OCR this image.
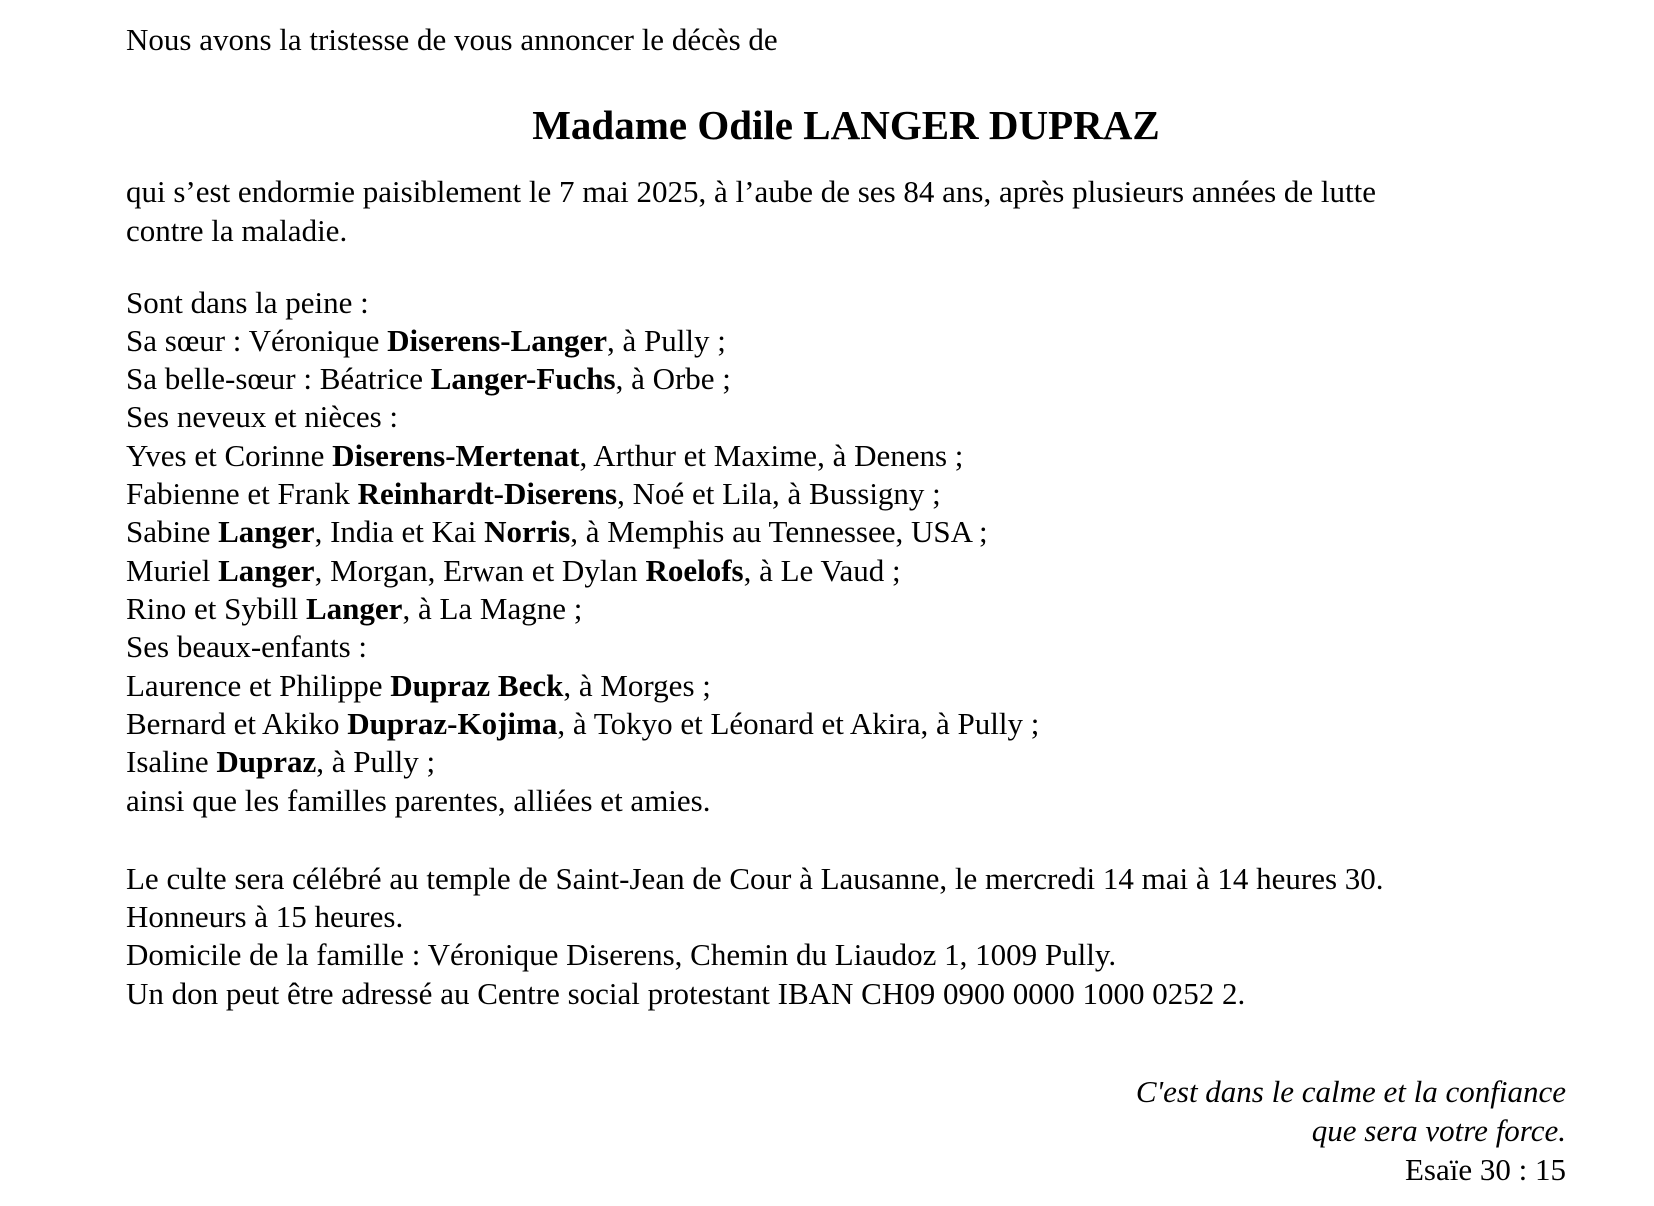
Nous avons la tristesse de vous annoncer le décès de
Madame Odile LANGER DUPRAZ
qui s’est endormie paisiblement le 7 mai 2025, à l’aube de ses 84 ans, après plusieurs années de lutte
contre la maladie.
Sont dans la peine :
Sa sœur : Véronique Diserens-Langer, à Pully ;
Sa belle-sœur : Béatrice Langer-Fuchs, à Orbe ;
Ses neveux et nièces :
Yves et Corinne Diserens-Mertenat, Arthur et Maxime, à Denens ;
Fabienne et Frank Reinhardt-Diserens, Noé et Lila, à Bussigny ;
Sabine Langer, India et Kai Norris, à Memphis au Tennessee, USA ;
Muriel Langer, Morgan, Erwan et Dylan Roelofs, à Le Vaud ;
Rino et Sybill Langer, à La Magne ;
Ses beaux-enfants :
Laurence et Philippe Dupraz Beck, à Morges ;
Bernard et Akiko Dupraz-Kojima, à Tokyo et Léonard et Akira, à Pully ;
Isaline Dupraz, à Pully ;
ainsi que les familles parentes, alliées et amies.
Le culte sera célébré au temple de Saint-Jean de Cour à Lausanne, le mercredi 14 mai à 14 heures 30.
Honneurs à 15 heures.
Domicile de la famille : Véronique Diserens, Chemin du Liaudoz 1, 1009 Pully.
Un don peut être adressé au Centre social protestant IBAN CH09 0900 0000 1000 0252 2.
C'est dans le calme et la confiance
que sera votre force.
Esaïe 30 : 15
